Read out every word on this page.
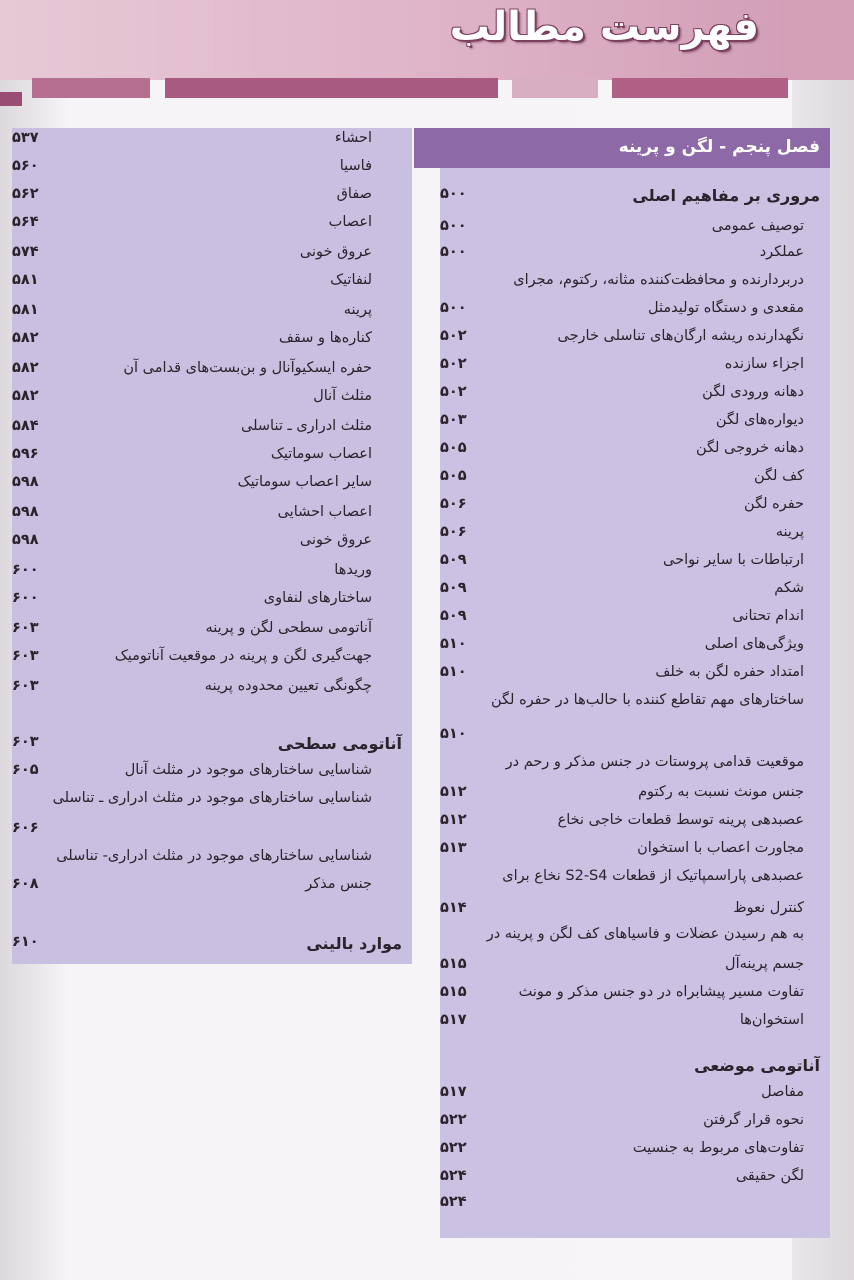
فهرست مطالب
فصل پنجم - لگن و پرینه
مروری بر مفاهیم اصلی
۵۰۰
توصیف عمومی
۵۰۰
عملکرد
۵۰۰
دربردارنده و محافظت‌کننده مثانه، رکتوم، مجرای
مقعدی و دستگاه تولیدمثل
۵۰۰
نگهدارنده ریشه ارگان‌های تناسلی خارجی
۵۰۲
اجزاء سازنده
۵۰۲
دهانه ورودی لگن
۵۰۲
دیواره‌های لگن
۵۰۳
دهانه خروجی لگن
۵۰۵
کف لگن
۵۰۵
حفره لگن
۵۰۶
پرینه
۵۰۶
ارتباطات با سایر نواحی
۵۰۹
شکم
۵۰۹
اندام تحتانی
۵۰۹
ویژگی‌های اصلی
۵۱۰
امتداد حفره لگن به خلف
۵۱۰
ساختارهای مهم تقاطع کننده با حالب‌ها در حفره لگن
۵۱۰
موقعیت قدامی پروستات در جنس مذکر و رحم در
جنس مونث نسبت به رکتوم
۵۱۲
عصبدهی پرینه توسط قطعات خاجی نخاع
۵۱۲
مجاورت اعصاب با استخوان
۵۱۳
عصبدهی پاراسمپاتیک از قطعات S2-S4 نخاع برای
کنترل نعوظ
۵۱۴
به هم رسیدن عضلات و فاسیاهای کف لگن و پرینه در
جسم پرینه‌آل
۵۱۵
تفاوت مسیر پیشابراه در دو جنس مذکر و مونث
۵۱۵
استخوان‌ها
۵۱۷
آناتومی موضعی
مفاصل
۵۱۷
نحوه قرار گرفتن
۵۲۲
تفاوت‌های مربوط به جنسیت
۵۲۲
لگن حقیقی
۵۲۴
۵۲۴
احشاء
۵۳۷
فاسیا
۵۶۰
صفاق
۵۶۲
اعصاب
۵۶۴
عروق خونی
۵۷۴
لنفاتیک
۵۸۱
پرینه
۵۸۱
کناره‌ها و سقف
۵۸۲
حفره ایسکیوآنال و بن‌بست‌های قدامی آن
۵۸۲
مثلث آنال
۵۸۲
مثلث ادراری ـ تناسلی
۵۸۴
اعصاب سوماتیک
۵۹۶
سایر اعصاب سوماتیک
۵۹۸
اعصاب احشایی
۵۹۸
عروق خونی
۵۹۸
وریدها
۶۰۰
ساختارهای لنفاوی
۶۰۰
آناتومی سطحی لگن و پرینه
۶۰۳
جهت‌گیری لگن و پرینه در موقعیت آناتومیک
۶۰۳
چگونگی تعیین محدوده پرینه
۶۰۳
آناتومی سطحی
۶۰۳
شناسایی ساختارهای موجود در مثلث آنال
۶۰۵
شناسایی ساختارهای موجود در مثلث ادراری ـ تناسلی
۶۰۶
شناسایی ساختارهای موجود در مثلث ادراری- تناسلی
جنس مذکر
۶۰۸
موارد بالینی
۶۱۰
